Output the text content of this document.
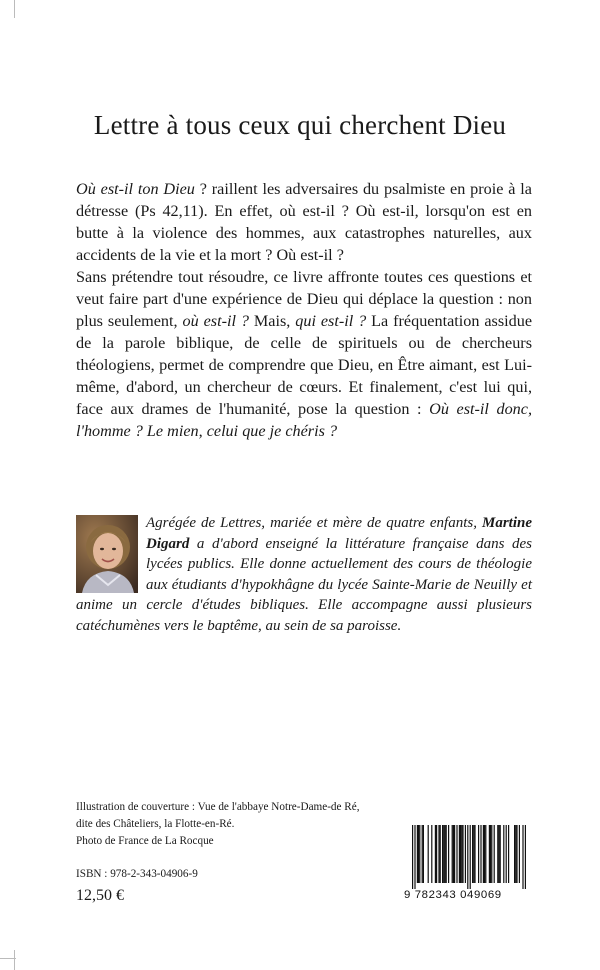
Lettre à tous ceux qui cherchent Dieu

Où est-il ton Dieu ? raillent les adversaires du psalmiste en proie à la détresse (Ps 42,11). En effet, où est-il ? Où est-il, lorsqu'on est en butte à la violence des hommes, aux catastrophes naturelles, aux accidents de la vie et la mort ? Où est-il ?

Sans prétendre tout résoudre, ce livre affronte toutes ces questions et veut faire part d'une expérience de Dieu qui déplace la question : non plus seulement, où est-il ? Mais, qui est-il ? La fréquentation assidue de la parole biblique, de celle de spirituels ou de chercheurs théologiens, permet de comprendre que Dieu, en Être aimant, est Lui-même, d'abord, un chercheur de cœurs. Et finalement, c'est lui qui, face aux drames de l'humanité, pose la question : Où est-il donc, l'homme ? Le mien, celui que je chéris ?

Agrégée de Lettres, mariée et mère de quatre enfants, Martine Digard a d'abord enseigné la littérature française dans des lycées publics. Elle donne actuellement des cours de théologie aux étudiants d'hypokhâgne du lycée Sainte-Marie de Neuilly et anime un cercle d'études bibliques. Elle accompagne aussi plusieurs catéchumènes vers le baptême, au sein de sa paroisse.
Illustration de couverture : Vue de l'abbaye Notre-Dame-de Ré,
dite des Châteliers, la Flotte-en-Ré.
Photo de France de La Rocque
ISBN : 978-2-343-04906-9
12,50 €	9 782343 049069
